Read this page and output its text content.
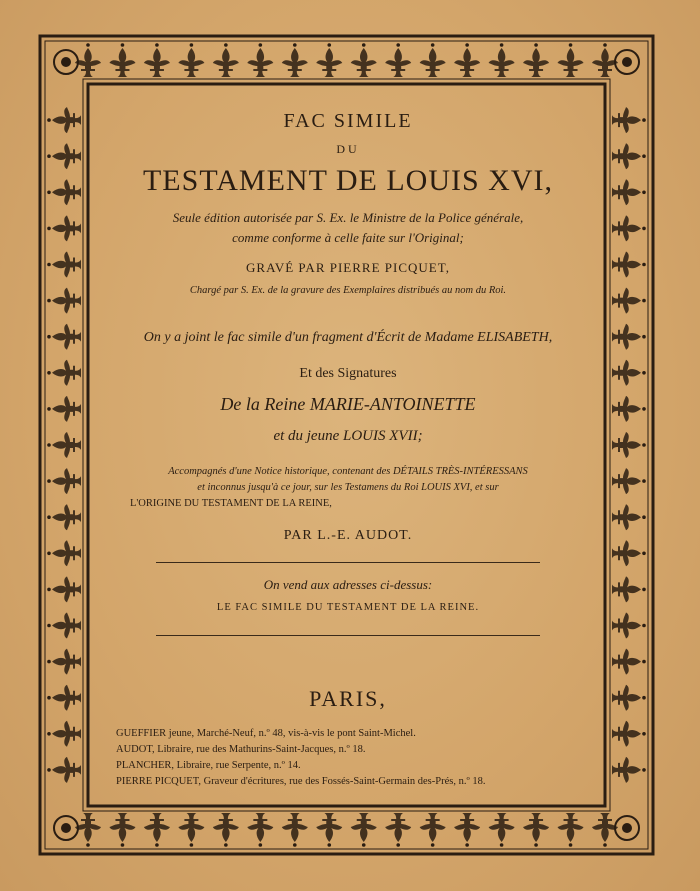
FAC SIMILE
DU
TESTAMENT DE LOUIS XVI,
Seule édition autorisée par S. Ex. le Ministre de la Police générale,
comme conforme à celle faite sur l'Original;
GRAVÉ PAR PIERRE PICQUET,
Chargé par S. Ex. de la gravure des Exemplaires distribués au nom du Roi.
On y a joint le fac simile d'un fragment d'Écrit de Madame ELISABETH,
Et des Signatures
De la Reine MARIE-ANTOINETTE
et du jeune LOUIS XVII;
Accompagnés d'une Notice historique, contenant des DÉTAILS TRÈS-INTÉRESSANS
et inconnus jusqu'à ce jour, sur les Testamens du Roi LOUIS XVI, et sur
L'ORIGINE DU TESTAMENT DE LA REINE,
PAR L.-E. AUDOT.
On vend aux adresses ci-dessus:
LE FAC SIMILE DU TESTAMENT DE LA REINE.
PARIS,
GUEFFIER jeune, Marché-Neuf, n.º 48, vis-à-vis le pont Saint-Michel.
AUDOT, Libraire, rue des Mathurins-Saint-Jacques, n.º 18.
PLANCHER, Libraire, rue Serpente, n.º 14.
PIERRE PICQUET, Graveur d'écritures, rue des Fossés-Saint-Germain des-Prés, n.º 18.
